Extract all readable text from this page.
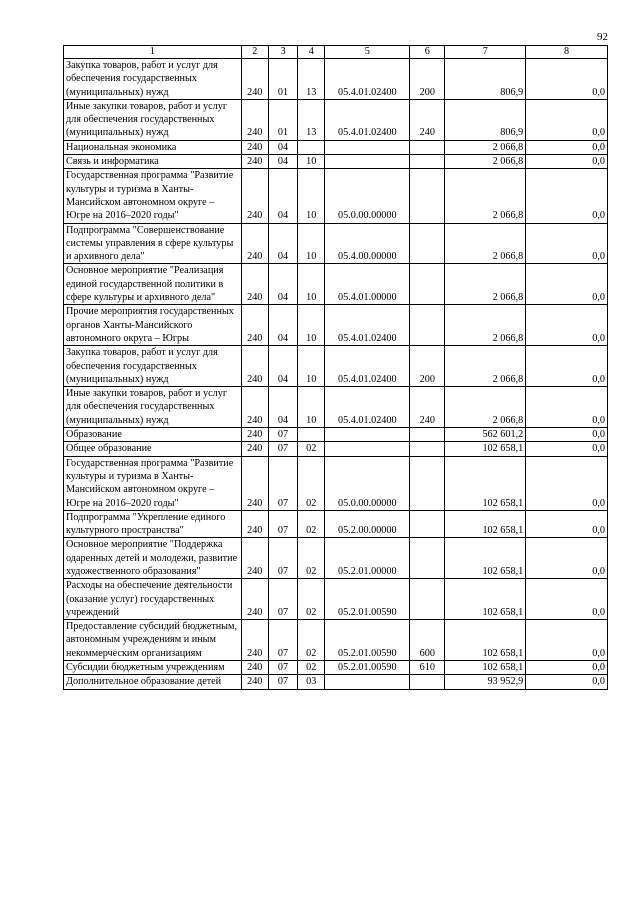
92
1	2	3	4	5	6	7	8
Закупка товаров, работ и услуг для обеспечения государственных (муниципальных) нужд	240	01	13	05.4.01.02400	200	806,9	0,0
Иные закупки товаров, работ и услуг для обеспечения государственных (муниципальных) нужд	240	01	13	05.4.01.02400	240	806,9	0,0
Национальная экономика	240	04				2 066,8	0,0
Связь и информатика	240	04	10			2 066,8	0,0
Государственная программа "Развитие культуры и туризма в Ханты-Мансийском автономном округе – Югре на 2016–2020 годы"	240	04	10	05.0.00.00000		2 066,8	0,0
Подпрограмма "Совершенствование системы управления в сфере культуры и архивного дела"	240	04	10	05.4.00.00000		2 066,8	0,0
Основное мероприятие "Реализация единой государственной политики в сфере культуры и архивного дела"	240	04	10	05.4.01.00000		2 066,8	0,0
Прочие мероприятия государственных органов Ханты-Мансийского автономного округа – Югры	240	04	10	05.4.01.02400		2 066,8	0,0
Закупка товаров, работ и услуг для обеспечения государственных (муниципальных) нужд	240	04	10	05.4.01.02400	200	2 066,8	0,0
Иные закупки товаров, работ и услуг для обеспечения государственных (муниципальных) нужд	240	04	10	05.4.01.02400	240	2 066,8	0,0
Образование	240	07				562 601,2	0,0
Общее образование	240	07	02			102 658,1	0,0
Государственная программа "Развитие культуры и туризма в Ханты-Мансийском автономном округе – Югре на 2016–2020 годы"	240	07	02	05.0.00.00000		102 658,1	0,0
Подпрограмма "Укрепление единого культурного пространства"	240	07	02	05.2.00.00000		102 658,1	0,0
Основное мероприятие "Поддержка одаренных детей и молодежи, развитие художественного образования"	240	07	02	05.2.01.00000		102 658,1	0,0
Расходы на обеспечение деятельности (оказание услуг) государственных учреждений	240	07	02	05.2.01.00590		102 658,1	0,0
Предоставление субсидий бюджетным, автономным учреждениям и иным некоммерческим организациям	240	07	02	05.2.01.00590	600	102 658,1	0,0
Субсидии бюджетным учреждениям	240	07	02	05.2.01.00590	610	102 658,1	0,0
Дополнительное образование детей	240	07	03			93 952,9	0,0
